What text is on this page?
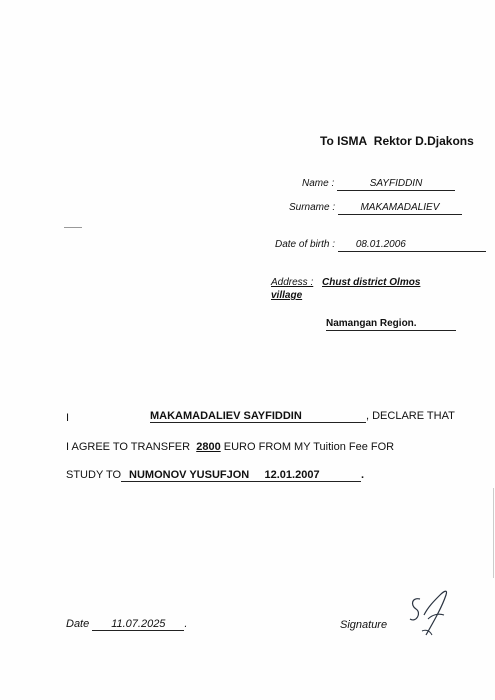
To ISMA Rektor D.Djakons
Name :	SAYFIDDIN
Surname :	MAKAMADALIEV
Date of birth : 08.01.2006
Address : Chust district Olmos
village
Namangan Region.
I	MAKAMADALIEV SAYFIDDIN	, DECLARE THAT
I AGREE TO TRANSFER 2800 EURO FROM MY Tuition Fee FOR
STUDY TO NUMONOV YUSUFJON 12.01.2007	.
Date 11.07.2025 .	Signature
